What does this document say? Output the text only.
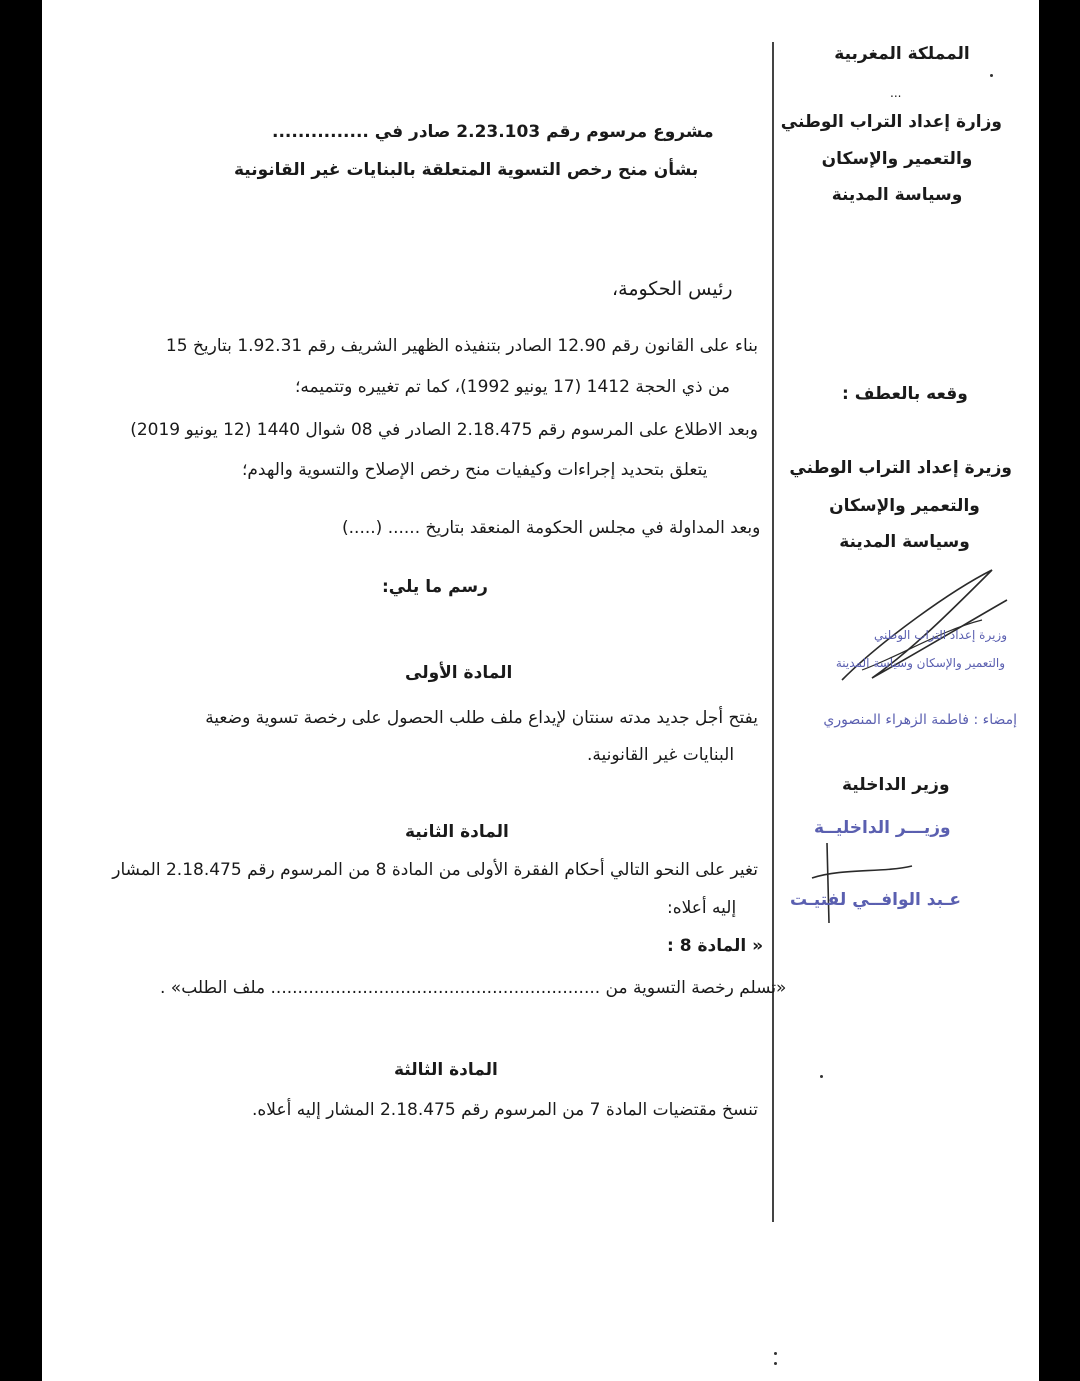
المملكة المغربية
...
وزارة إعداد التراب الوطني
والتعمير والإسكان
وسياسة المدينة
وقعه بالعطف :
وزيرة إعداد التراب الوطني
والتعمير والإسكان
وسياسة المدينة
وزيرة إعداد التراب الوطني
والتعمير والإسكان وسياسة المدينة
إمضاء : فاطمة الزهراء المنصوري
وزير الداخلية
وزيـــر الداخليــة
عـبد الوافــي لفتيـت
مشروع مرسوم رقم 2.23.103 صادر في ...............
بشأن منح رخص التسوية المتعلقة بالبنايات غير القانونية
رئيس الحكومة،
بناء على القانون رقم 12.90 الصادر بتنفيذه الظهير الشريف رقم 1.92.31 بتاريخ 15
من ذي الحجة 1412 (17 يونيو 1992)، كما تم تغييره وتتميمه؛
وبعد الاطلاع على المرسوم رقم 2.18.475 الصادر في 08 شوال 1440 (12 يونيو 2019)
يتعلق بتحديد إجراءات وكيفيات منح رخص الإصلاح والتسوية والهدم؛
وبعد المداولة في مجلس الحكومة المنعقد بتاريخ ...... (.....)
رسم ما يلي:
المادة الأولى
يفتح أجل جديد مدته سنتان لإيداع ملف طلب الحصول على رخصة تسوية وضعية
البنايات غير القانونية.
المادة الثانية
تغير على النحو التالي أحكام الفقرة الأولى من المادة 8 من المرسوم رقم 2.18.475 المشار
إليه أعلاه:
« المادة 8 :
«تسلم رخصة التسوية من ............................................................. ملف الطلب» .
المادة الثالثة
تنسخ مقتضيات المادة 7 من المرسوم رقم 2.18.475 المشار إليه أعلاه.
